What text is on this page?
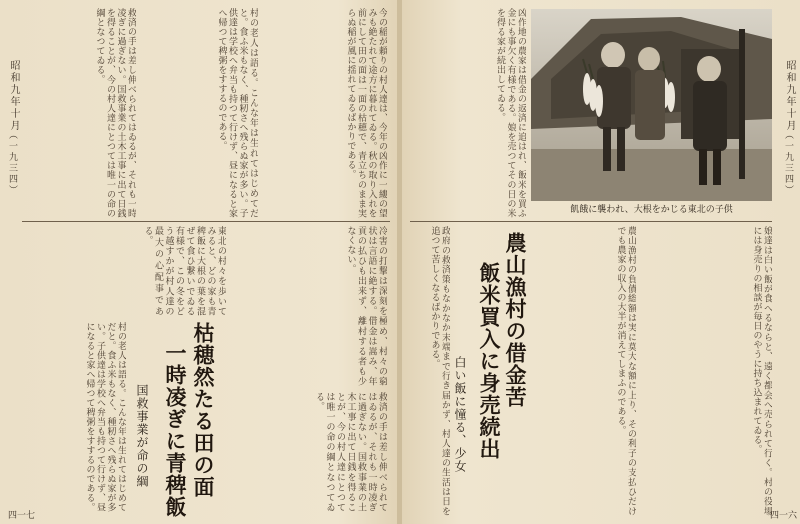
昭和九年十月
（一九三四）
四一七
今の稲が頼りの村人達は、今年の凶作に一縷の望みも絶たれて途方に暮れてゐる。秋の取り入れを前にして田の面は一面の枯穂で、青立ちのまま実らぬ稲が風に揺れてゐるばかりである。
村の老人は語る。こんな年は生れてはじめてだと。食ふ米もなく、種籾さへ残らぬ家が多い。子供達は学校へ弁当も持つて行けず、昼になると家へ帰つて稗粥をすするのである。
救済の手は差し伸べられてはゐるが、それも一時凌ぎに過ぎない。国救事業の土木工事に出て日銭を得ることが、今の村人達にとつては唯一の命の綱となつてゐる。
冷害の打撃は深刻を極め、村々の窮状は言語に絶する。借金は嵩み、年貢の払ひも出来ず、離村する者も少なくない。
東北の村々を歩いてみると、どの家も青稗飯に大根の葉を混ぜて食ひ繋いでゐる有様で、この冬をどう越すかが村人達の最大の心配事である。
枯穂然たる田の面
一時凌ぎに青稗飯
国救事業が命の綱
村の老人は語る。こんな年は生れてはじめてだと。食ふ米もなく、種籾さへ残らぬ家が多い。子供達は学校へ弁当も持つて行けず、昼になると家へ帰つて稗粥をすするのである。	救済の手は差し伸べられてはゐるが、それも一時凌ぎに過ぎない。国救事業の土木工事に出て日銭を得ることが、今の村人達にとつては唯一の命の綱となつてゐる。
昭和九年十月
（一九三四）
四一六
凶作地の農家は借金の返済に追はれ、飯米を買ふ金にも事欠く有様である。娘を売つてその日の米を得る家が続出してゐる。
飢餓に襲われ、大根をかじる東北の子供
娘達は白い飯が食へるならと、遠く都会へ売られて行く。村の役場には身売りの相談が毎日のやうに持ち込まれてゐる。
農山漁村の負債総額は実に莫大な額に上り、その利子の支払ひだけでも農家の収入の大半が消えてしまふのである。
政府の救済策もなかなか末端まで行き届かず、村人達の生活は日を追つて苦しくなるばかりである。	農山漁村の借金苦
飯米買入に身売続出
白い飯に憧る、少女
